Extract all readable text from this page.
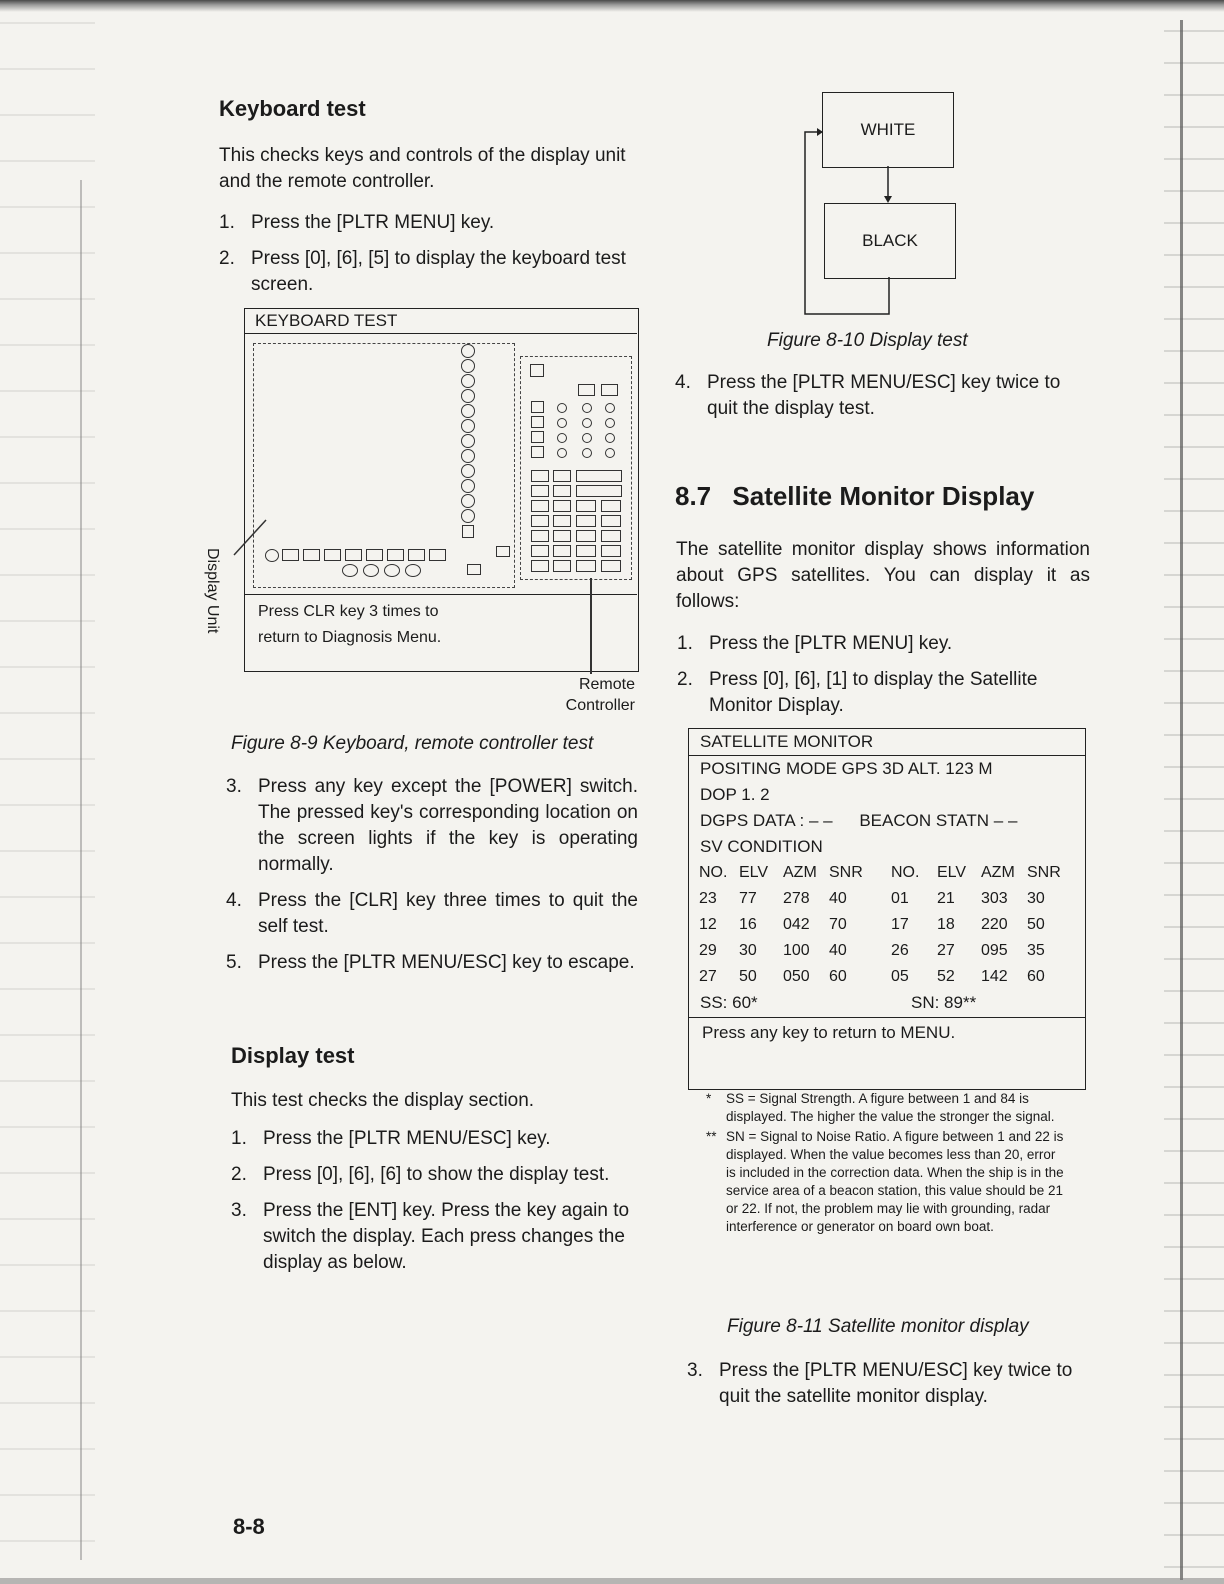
Keyboard test
This checks keys and controls of the display unit and the remote controller.
1. Press the [PLTR MENU] key.
2. Press [0], [6], [5] to display the keyboard test screen.
KEYBOARD TEST
Press CLR key 3 times to
return to Diagnosis Menu.
Display Unit
Remote
Controller
Figure 8-9 Keyboard, remote controller test
3. Press any key except the [POWER] switch. The pressed key's corresponding location on the screen lights if the key is operating normally.
4. Press the [CLR] key three times to quit the self test.
5. Press the [PLTR MENU/ESC] key to escape.
Display test
This test checks the display section.
1. Press the [PLTR MENU/ESC] key.
2. Press [0], [6], [6] to show the display test.
3. Press the [ENT] key. Press the key again to switch the display. Each press changes the display as below.
8-8
WHITE
BLACK
Figure 8-10 Display test
4. Press the [PLTR MENU/ESC] key twice to quit the display test.
8.7 Satellite Monitor Display
The satellite monitor display shows information about GPS satellites. You can display it as follows:
1. Press the [PLTR MENU] key.
2. Press [0], [6], [1] to display the Satellite Monitor Display.
SATELLITE MONITOR
POSITING MODE GPS 3D ALT. 123 M
DOP 1. 2
DGPS DATA : – – BEACON STATN – –
SV CONDITION
NO.	ELV	AZM	SNR	NO.	ELV	AZM	SNR
23	77	278	40	01	21	303	30
12	16	042	70	17	18	220	50
29	30	100	40	26	27	095	35
27	50	050	60	05	52	142	60
SS: 60*	SN: 89**
Press any key to return to MENU.
* SS = Signal Strength. A figure between 1 and 84 is displayed. The higher the value the stronger the signal.
** SN = Signal to Noise Ratio. A figure between 1 and 22 is displayed. When the value becomes less than 20, error is included in the correction data. When the ship is in the service area of a beacon station, this value should be 21 or 22. If not, the problem may lie with grounding, radar interference or generator on board own boat.
Figure 8-11 Satellite monitor display
3. Press the [PLTR MENU/ESC] key twice to quit the satellite monitor display.
